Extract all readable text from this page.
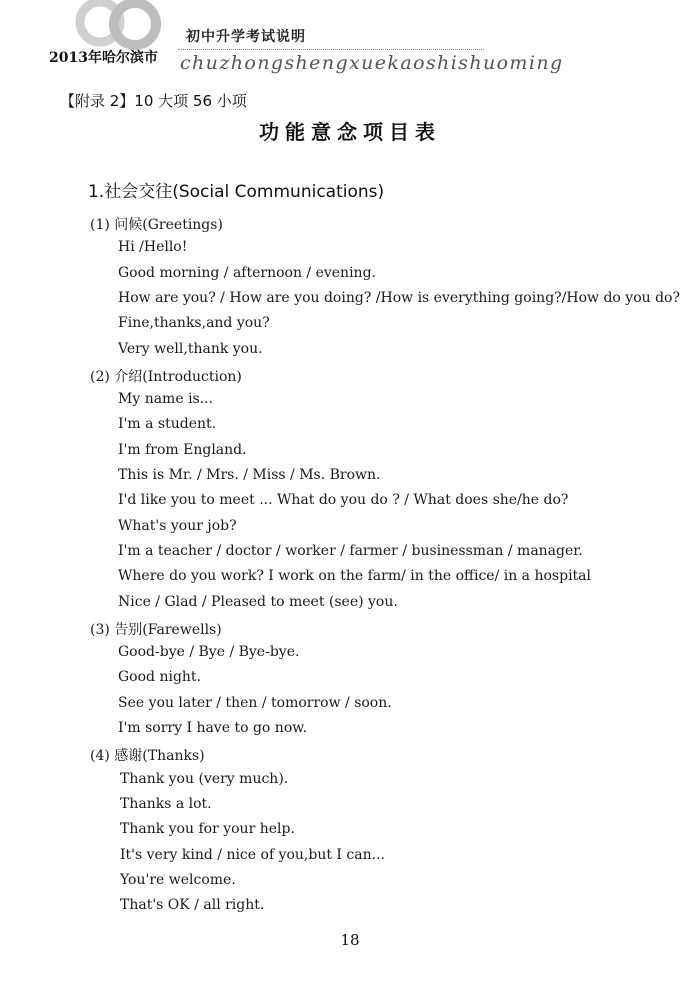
2013年哈尔滨市
初中升学考试说明
chuzhongshengxuekaoshishuoming
【附录 2】10 大项 56 小项
功能意念项目表
1.社会交往(Social Communications)
(1) 问候(Greetings)
Hi /Hello!
Good morning / afternoon / evening.
How are you? / How are you doing? /How is everything going?/How do you do?
Fine,thanks,and you?
Very well,thank you.
(2) 介绍(Introduction)
My name is...
I'm a student.
I'm from England.
This is Mr. / Mrs. / Miss / Ms. Brown.
I'd like you to meet ... What do you do ? / What does she/he do?
What's your job?
I'm a teacher / doctor / worker / farmer / businessman / manager.
Where do you work? I work on the farm/ in the office/ in a hospital
Nice / Glad / Pleased to meet (see) you.
(3) 告别(Farewells)
Good-bye / Bye / Bye-bye.
Good night.
See you later / then / tomorrow / soon.
I'm sorry I have to go now.
(4) 感谢(Thanks)
Thank you (very much).
Thanks a lot.
Thank you for your help.
It's very kind / nice of you,but I can...
You're welcome.
That's OK / all right.
18
